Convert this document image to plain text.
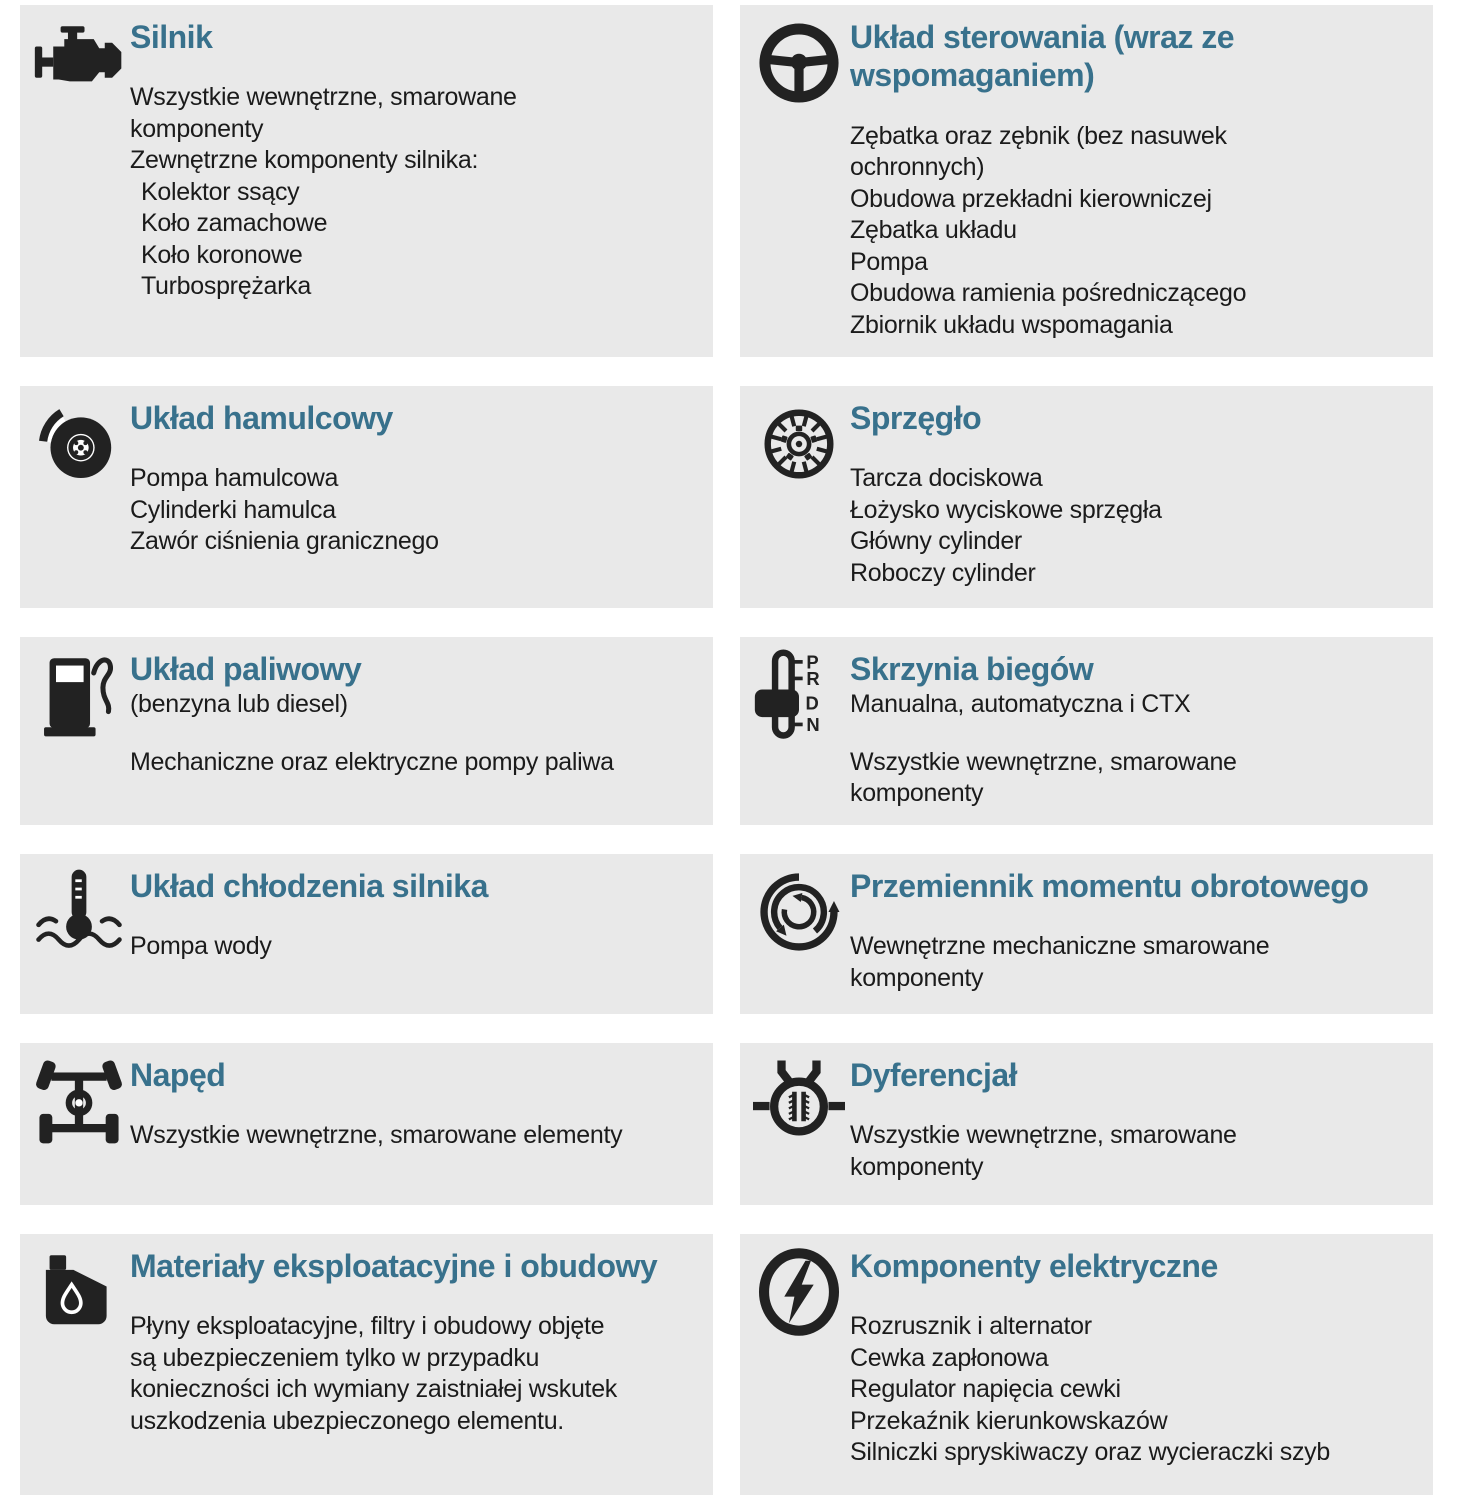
Silnik
Wszystkie wewnętrzne, smarowane
komponenty
Zewnętrzne komponenty silnika:
Kolektor ssący
Koło zamachowe
Koło koronowe
Turbosprężarka
Układ sterowania (wraz ze wspomaganiem)
Zębatka oraz zębnik (bez nasuwek
ochronnych)
Obudowa przekładni kierowniczej
Zębatka układu
Pompa
Obudowa ramienia pośredniczącego
Zbiornik układu wspomagania
Układ hamulcowy
Pompa hamulcowa
Cylinderki hamulca
Zawór ciśnienia granicznego
Sprzęgło
Tarcza dociskowa
Łożysko wyciskowe sprzęgła
Główny cylinder
Roboczy cylinder
Układ paliwowy
(benzyna lub diesel)
Mechaniczne oraz elektryczne pompy paliwa
P
R
D
N
Skrzynia biegów
Manualna, automatyczna i CTX
Wszystkie wewnętrzne, smarowane
komponenty
Układ chłodzenia silnika
Pompa wody
Przemiennik momentu obrotowego
Wewnętrzne mechaniczne smarowane
komponenty
Napęd
Wszystkie wewnętrzne, smarowane elementy
Dyferencjał
Wszystkie wewnętrzne, smarowane
komponenty
Materiały eksploatacyjne i obudowy
Płyny eksploatacyjne, filtry i obudowy objęte
są ubezpieczeniem tylko w przypadku
konieczności ich wymiany zaistniałej wskutek
uszkodzenia ubezpieczonego elementu.
Komponenty elektryczne
Rozrusznik i alternator
Cewka zapłonowa
Regulator napięcia cewki
Przekaźnik kierunkowskazów
Silniczki spryskiwaczy oraz wycieraczki szyb
